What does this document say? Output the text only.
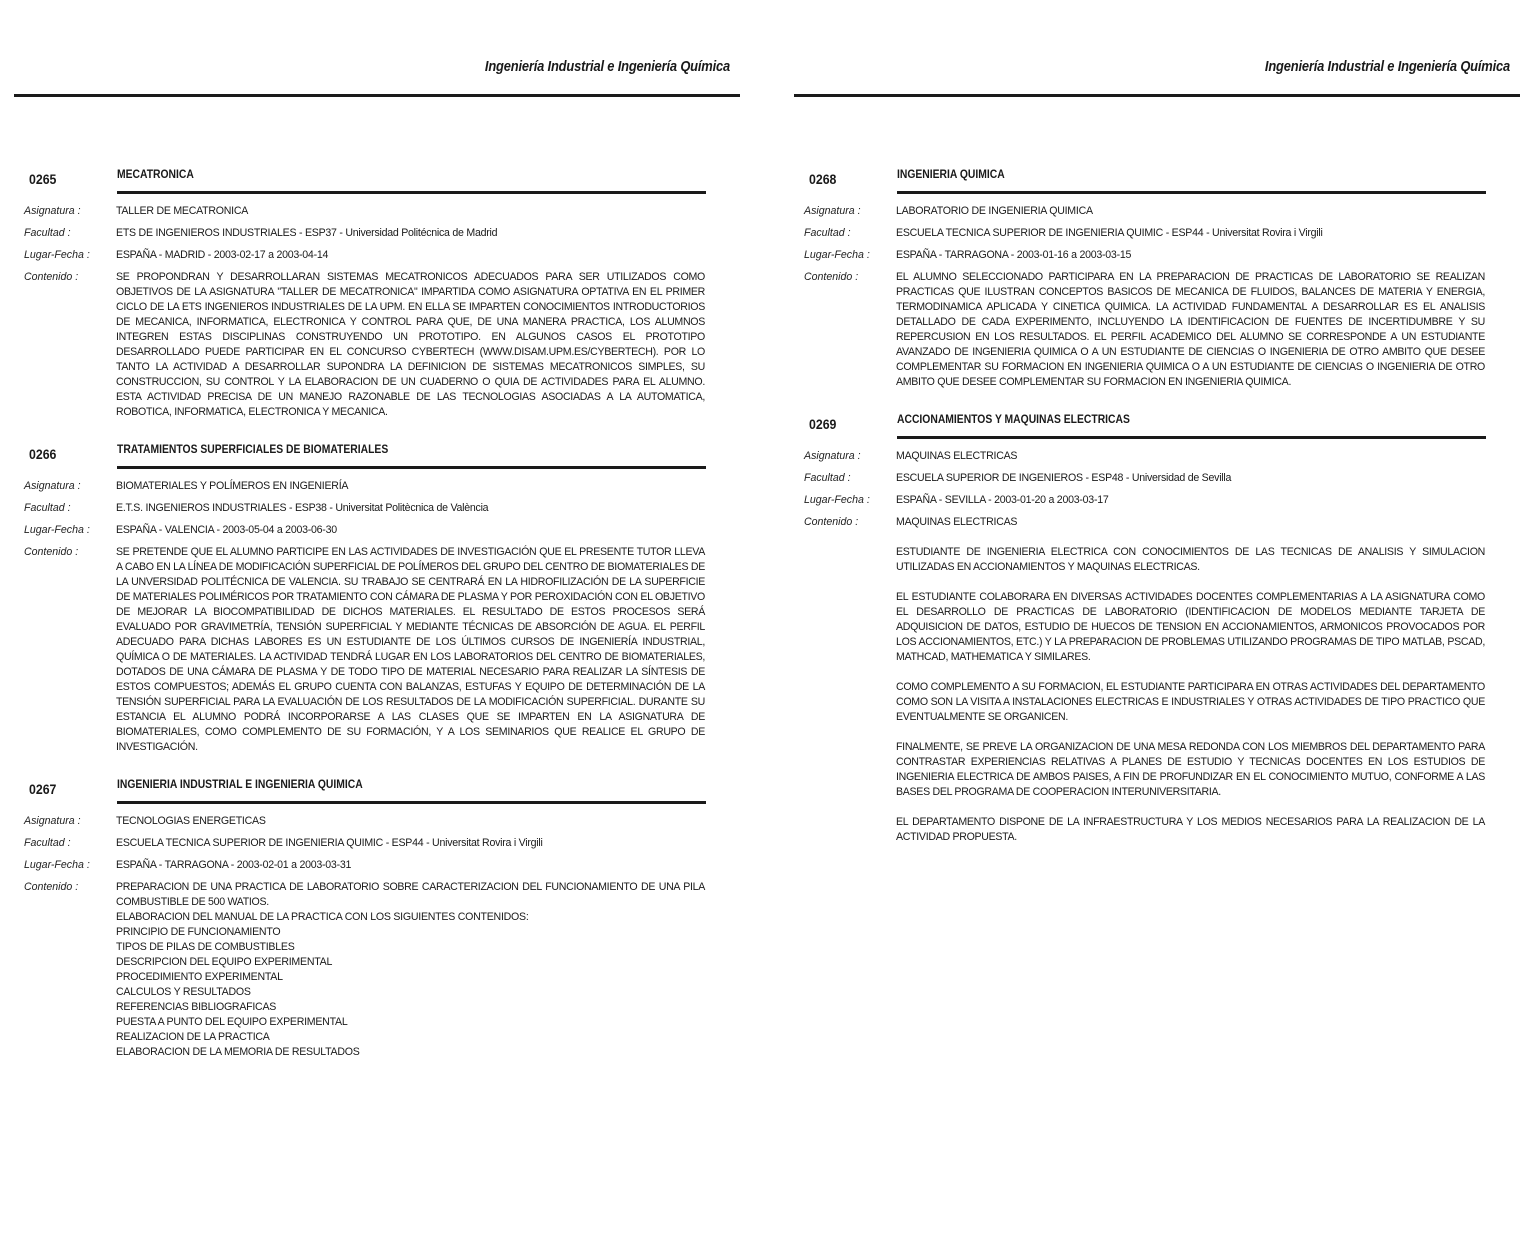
Ingeniería Industrial e Ingeniería Química
0265	MECATRONICA
Asignatura :	TALLER DE MECATRONICA
Facultad :	ETS DE INGENIEROS INDUSTRIALES - ESP37 - Universidad Politécnica de Madrid
Lugar-Fecha :	ESPAÑA - MADRID - 2003-02-17 a 2003-04-14
Contenido :	SE PROPONDRAN Y DESARROLLARAN SISTEMAS MECATRONICOS ADECUADOS PARA SER UTILIZADOS COMO OBJETIVOS DE LA ASIGNATURA "TALLER DE MECATRONICA" IMPARTIDA COMO ASIGNATURA OPTATIVA EN EL PRIMER CICLO DE LA ETS INGENIEROS INDUSTRIALES DE LA UPM. EN ELLA SE IMPARTEN CONOCIMIENTOS INTRODUCTORIOS DE MECANICA, INFORMATICA, ELECTRONICA Y CONTROL PARA QUE, DE UNA MANERA PRACTICA, LOS ALUMNOS INTEGREN ESTAS DISCIPLINAS CONSTRUYENDO UN PROTOTIPO. EN ALGUNOS CASOS EL PROTOTIPO DESARROLLADO PUEDE PARTICIPAR EN EL CONCURSO CYBERTECH (WWW.DISAM.UPM.ES/CYBERTECH). POR LO TANTO LA ACTIVIDAD A DESARROLLAR SUPONDRA LA DEFINICION DE SISTEMAS MECATRONICOS SIMPLES, SU CONSTRUCCION, SU CONTROL Y LA ELABORACION DE UN CUADERNO O QUIA DE ACTIVIDADES PARA EL ALUMNO. ESTA ACTIVIDAD PRECISA DE UN MANEJO RAZONABLE DE LAS TECNOLOGIAS ASOCIADAS A LA AUTOMATICA, ROBOTICA, INFORMATICA, ELECTRONICA Y MECANICA.
0266	TRATAMIENTOS SUPERFICIALES DE BIOMATERIALES
Asignatura :	BIOMATERIALES Y POLÍMEROS EN INGENIERÍA
Facultad :	E.T.S. INGENIEROS INDUSTRIALES - ESP38 - Universitat Politècnica de València
Lugar-Fecha :	ESPAÑA - VALENCIA - 2003-05-04 a 2003-06-30
Contenido :	SE PRETENDE QUE EL ALUMNO PARTICIPE EN LAS ACTIVIDADES DE INVESTIGACIÓN QUE EL PRESENTE TUTOR LLEVA A CABO EN LA LÍNEA DE MODIFICACIÓN SUPERFICIAL DE POLÍMEROS DEL GRUPO DEL CENTRO DE BIOMATERIALES DE LA UNVERSIDAD POLITÉCNICA DE VALENCIA. SU TRABAJO SE CENTRARÁ EN LA HIDROFILIZACIÓN DE LA SUPERFICIE DE MATERIALES POLIMÉRICOS POR TRATAMIENTO CON CÁMARA DE PLASMA Y POR PEROXIDACIÓN CON EL OBJETIVO DE MEJORAR LA BIOCOMPATIBILIDAD DE DICHOS MATERIALES. EL RESULTADO DE ESTOS PROCESOS SERÁ EVALUADO POR GRAVIMETRÍA, TENSIÓN SUPERFICIAL Y MEDIANTE TÉCNICAS DE ABSORCIÓN DE AGUA. EL PERFIL ADECUADO PARA DICHAS LABORES ES UN ESTUDIANTE DE LOS ÚLTIMOS CURSOS DE INGENIERÍA INDUSTRIAL, QUÍMICA O DE MATERIALES. LA ACTIVIDAD TENDRÁ LUGAR EN LOS LABORATORIOS DEL CENTRO DE BIOMATERIALES, DOTADOS DE UNA CÁMARA DE PLASMA Y DE TODO TIPO DE MATERIAL NECESARIO PARA REALIZAR LA SÍNTESIS DE ESTOS COMPUESTOS; ADEMÁS EL GRUPO CUENTA CON BALANZAS, ESTUFAS Y EQUIPO DE DETERMINACIÓN DE LA TENSIÓN SUPERFICIAL PARA LA EVALUACIÓN DE LOS RESULTADOS DE LA MODIFICACIÓN SUPERFICIAL. DURANTE SU ESTANCIA EL ALUMNO PODRÁ INCORPORARSE A LAS CLASES QUE SE IMPARTEN EN LA ASIGNATURA DE BIOMATERIALES, COMO COMPLEMENTO DE SU FORMACIÓN, Y A LOS SEMINARIOS QUE REALICE EL GRUPO DE INVESTIGACIÓN.
0267	INGENIERIA INDUSTRIAL E INGENIERIA QUIMICA
Asignatura :	TECNOLOGIAS ENERGETICAS
Facultad :	ESCUELA TECNICA SUPERIOR DE INGENIERIA QUIMIC - ESP44 - Universitat Rovira i Virgili
Lugar-Fecha :	ESPAÑA - TARRAGONA - 2003-02-01 a 2003-03-31
Contenido :	PREPARACION DE UNA PRACTICA DE LABORATORIO SOBRE CARACTERIZACION DEL FUNCIONAMIENTO DE UNA PILA COMBUSTIBLE DE 500 WATIOS.
ELABORACION DEL MANUAL DE LA PRACTICA CON LOS SIGUIENTES CONTENIDOS:
PRINCIPIO DE FUNCIONAMIENTO
TIPOS DE PILAS DE COMBUSTIBLES
DESCRIPCION DEL EQUIPO EXPERIMENTAL
PROCEDIMIENTO EXPERIMENTAL
CALCULOS Y RESULTADOS
REFERENCIAS BIBLIOGRAFICAS
PUESTA A PUNTO DEL EQUIPO EXPERIMENTAL
REALIZACION DE LA PRACTICA
ELABORACION DE LA MEMORIA DE RESULTADOS
Ingeniería Industrial e Ingeniería Química
0268	INGENIERIA QUIMICA
Asignatura :	LABORATORIO DE INGENIERIA QUIMICA
Facultad :	ESCUELA TECNICA SUPERIOR DE INGENIERIA QUIMIC - ESP44 - Universitat Rovira i Virgili
Lugar-Fecha :	ESPAÑA - TARRAGONA - 2003-01-16 a 2003-03-15
Contenido :	EL ALUMNO SELECCIONADO PARTICIPARA EN LA PREPARACION DE PRACTICAS DE LABORATORIO SE REALIZAN PRACTICAS QUE ILUSTRAN CONCEPTOS BASICOS DE MECANICA DE FLUIDOS, BALANCES DE MATERIA Y ENERGIA, TERMODINAMICA APLICADA Y CINETICA QUIMICA. LA ACTIVIDAD FUNDAMENTAL A DESARROLLAR ES EL ANALISIS DETALLADO DE CADA EXPERIMENTO, INCLUYENDO LA IDENTIFICACION DE FUENTES DE INCERTIDUMBRE Y SU REPERCUSION EN LOS RESULTADOS. EL PERFIL ACADEMICO DEL ALUMNO SE CORRESPONDE A UN ESTUDIANTE AVANZADO DE INGENIERIA QUIMICA O A UN ESTUDIANTE DE CIENCIAS O INGENIERIA DE OTRO AMBITO QUE DESEE COMPLEMENTAR SU FORMACION EN INGENIERIA QUIMICA O A UN ESTUDIANTE DE CIENCIAS O INGENIERIA DE OTRO AMBITO QUE DESEE COMPLEMENTAR SU FORMACION EN INGENIERIA QUIMICA.
0269	ACCIONAMIENTOS Y MAQUINAS ELECTRICAS
Asignatura :	MAQUINAS ELECTRICAS
Facultad :	ESCUELA SUPERIOR DE INGENIEROS - ESP48 - Universidad de Sevilla
Lugar-Fecha :	ESPAÑA - SEVILLA - 2003-01-20 a 2003-03-17
Contenido :	MAQUINAS ELECTRICAS

ESTUDIANTE DE INGENIERIA ELECTRICA CON CONOCIMIENTOS DE LAS TECNICAS DE ANALISIS Y SIMULACION UTILIZADAS EN ACCIONAMIENTOS Y MAQUINAS ELECTRICAS.

EL ESTUDIANTE COLABORARA EN DIVERSAS ACTIVIDADES DOCENTES COMPLEMENTARIAS A LA ASIGNATURA COMO EL DESARROLLO DE PRACTICAS DE LABORATORIO (IDENTIFICACION DE MODELOS MEDIANTE TARJETA DE ADQUISICION DE DATOS, ESTUDIO DE HUECOS DE TENSION EN ACCIONAMIENTOS, ARMONICOS PROVOCADOS POR LOS ACCIONAMIENTOS, ETC.) Y LA PREPARACION DE PROBLEMAS UTILIZANDO PROGRAMAS DE TIPO MATLAB, PSCAD, MATHCAD, MATHEMATICA Y SIMILARES.

COMO COMPLEMENTO A SU FORMACION, EL ESTUDIANTE PARTICIPARA EN OTRAS ACTIVIDADES DEL DEPARTAMENTO COMO SON LA VISITA A INSTALACIONES ELECTRICAS E INDUSTRIALES Y OTRAS ACTIVIDADES DE TIPO PRACTICO QUE EVENTUALMENTE SE ORGANICEN.

FINALMENTE, SE PREVE LA ORGANIZACION DE UNA MESA REDONDA CON LOS MIEMBROS DEL DEPARTAMENTO PARA CONTRASTAR EXPERIENCIAS RELATIVAS A PLANES DE ESTUDIO Y TECNICAS DOCENTES EN LOS ESTUDIOS DE INGENIERIA ELECTRICA DE AMBOS PAISES, A FIN DE PROFUNDIZAR EN EL CONOCIMIENTO MUTUO, CONFORME A LAS BASES DEL PROGRAMA DE COOPERACION INTERUNIVERSITARIA.

EL DEPARTAMENTO DISPONE DE LA INFRAESTRUCTURA Y LOS MEDIOS NECESARIOS PARA LA REALIZACION DE LA ACTIVIDAD PROPUESTA.
